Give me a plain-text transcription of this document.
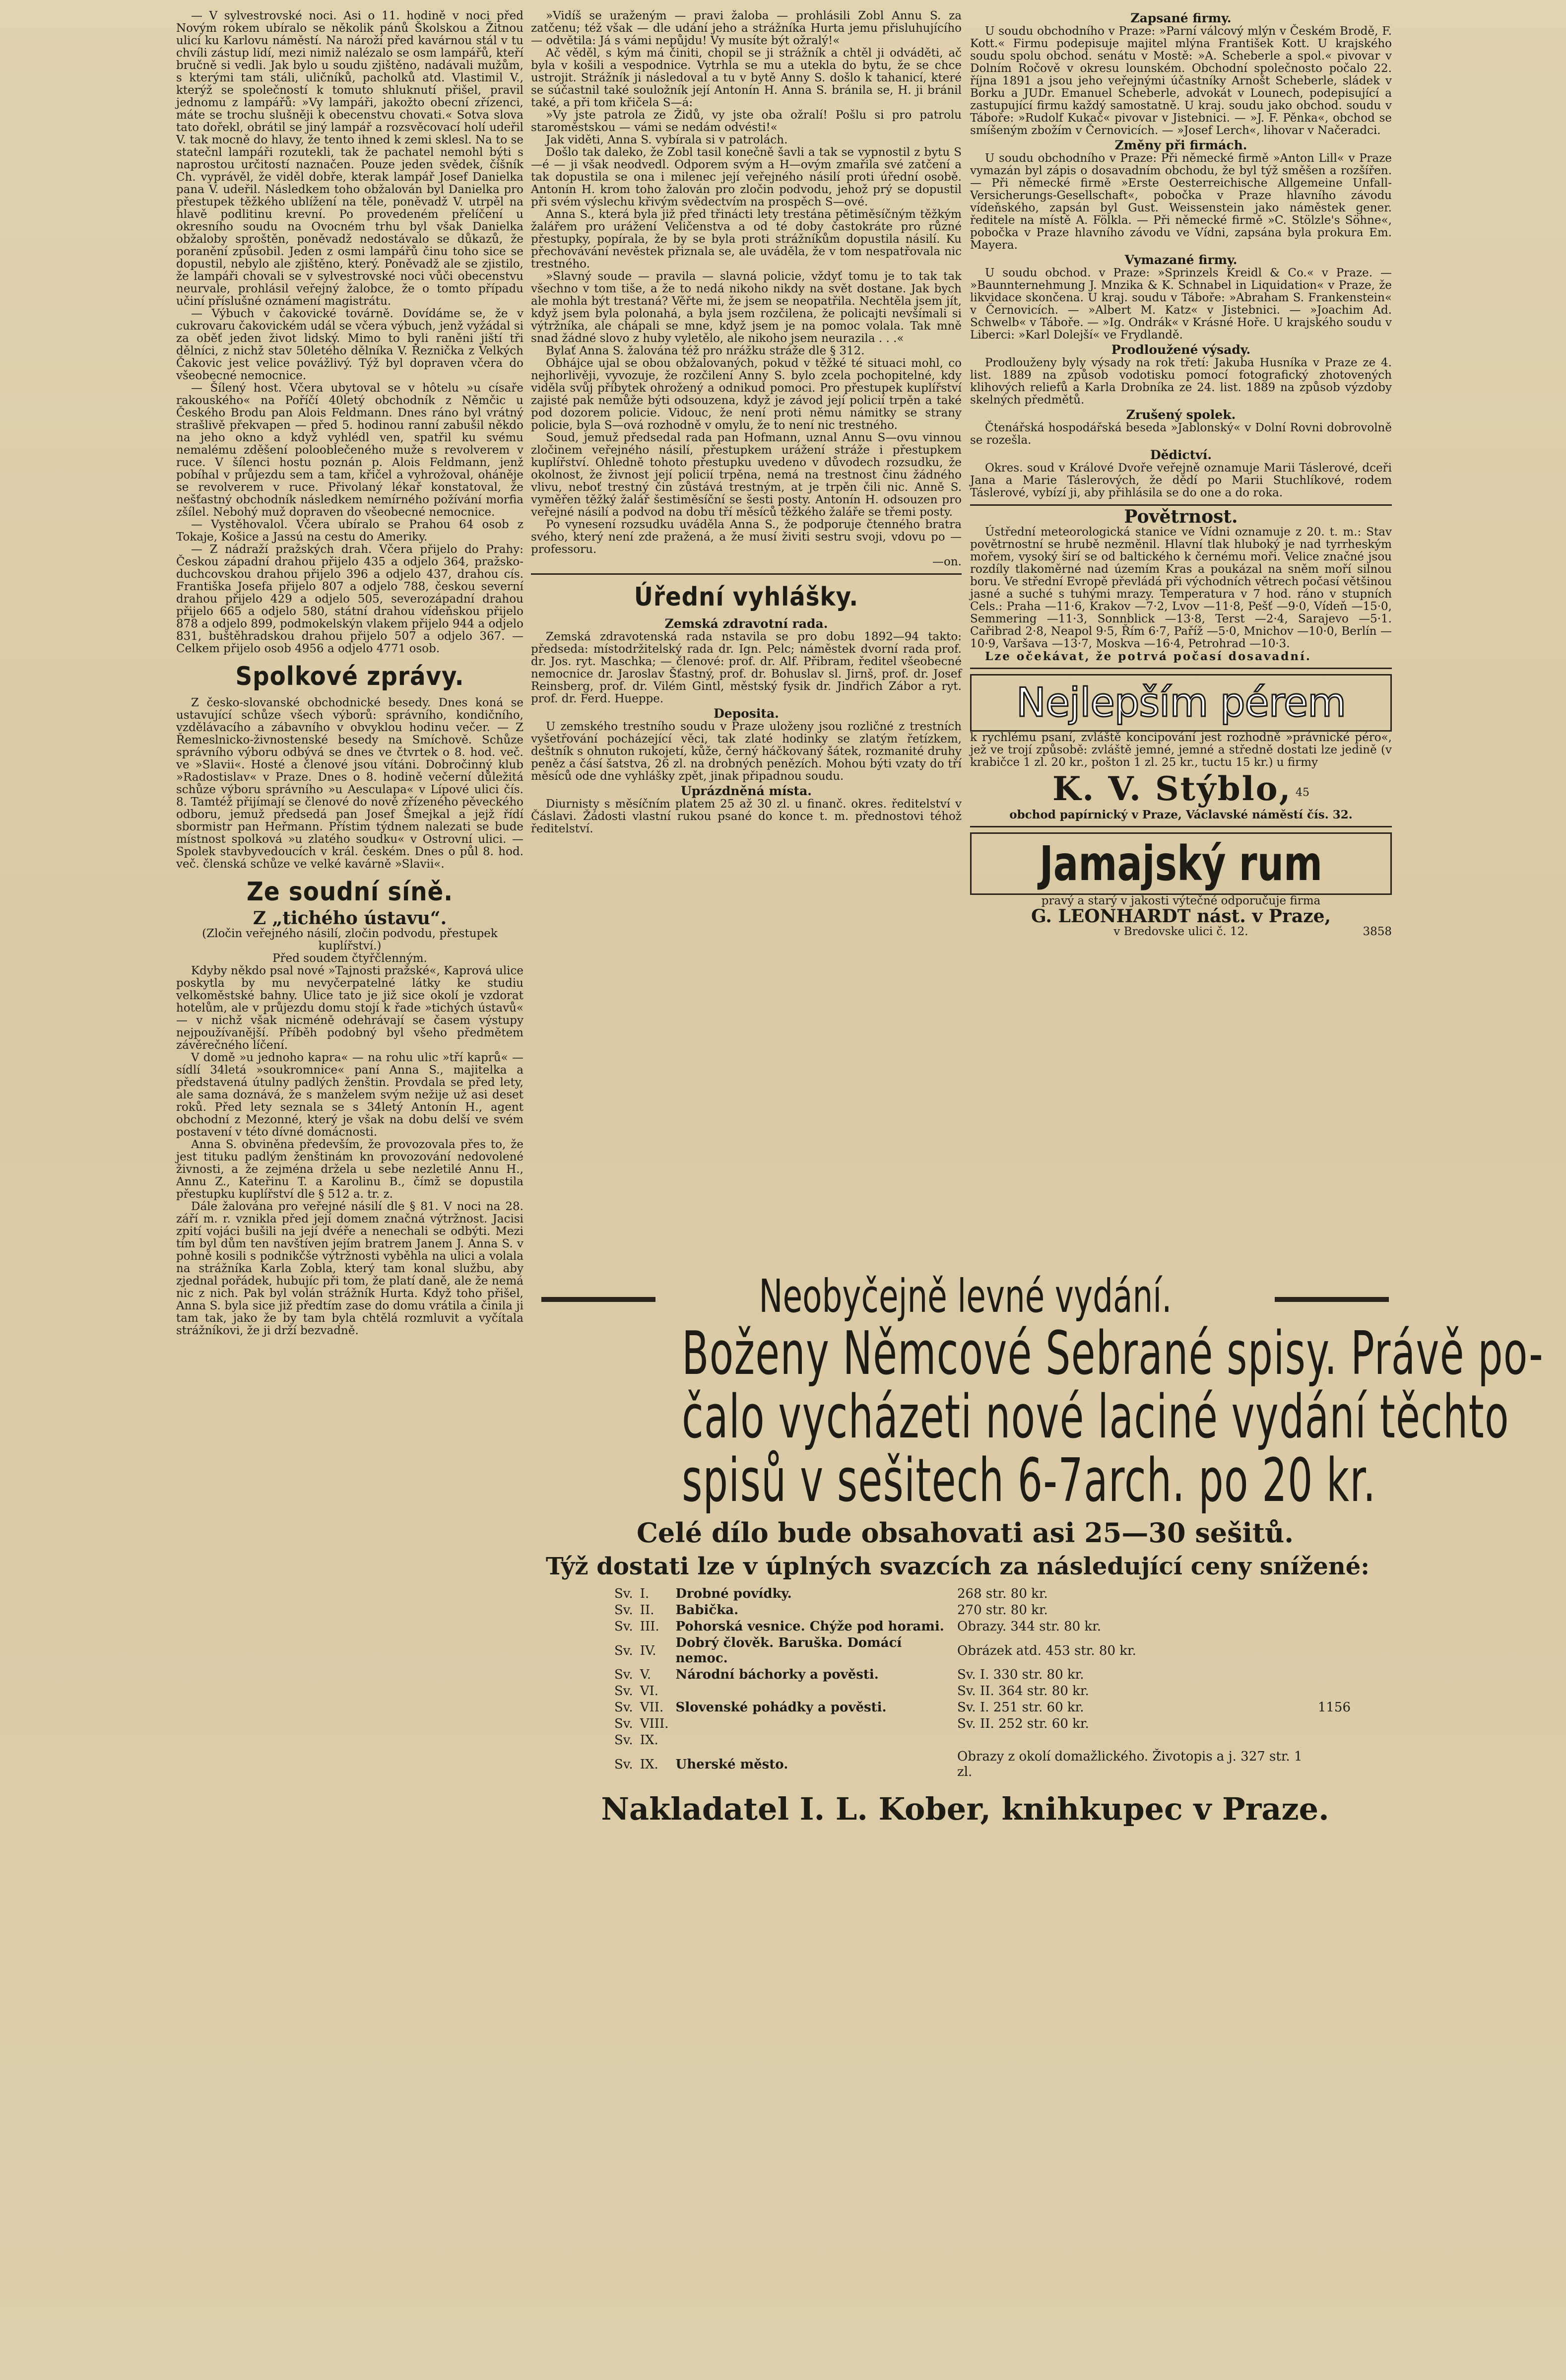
— V sylvestrovské noci. Asi o 11. hodině v noci před Novým rokem ubíralo se několik pánů Školskou a Žitnou ulicí ku Karlovu náměstí. Na nároží před kavárnou stál v tu chvíli zástup lidí, mezi nimiž nalézalo se osm lampářů, kteří bručně si vedli. Jak bylo u soudu zjištěno, nadávali mužům, s kterými tam stáli, uličníků, pacholků atd. Vlastimil V., kterýž se společností k tomuto shluknutí přišel, pravil jednomu z lampářů: »Vy lampáři, jakožto obecní zřízenci, máte se trochu slušněji k obecenstvu chovati.« Sotva slova tato dořekl, obrátil se jiný lampář a rozsvěcovací holí udeřil V. tak mocně do hlavy, že tento ihned k zemi sklesl. Na to se statečnl lampáři rozutekli, tak že pachatel nemohl býti s naprostou určitostí naznačen. Pouze jeden svědek, číšník Ch. vyprávěl, že viděl dobře, kterak lampář Josef Danielka pana V. udeřil. Následkem toho obžalován byl Danielka pro přestupek těžkého ublížení na těle, poněvadž V. utrpěl na hlavě podlitinu krevní. Po provedeném přelíčení u okresního soudu na Ovocném trhu byl však Danielka obžaloby sproštěn, poněvadž nedostávalo se důkazů, že poranění způsobil. Jeden z osmi lampářů činu toho sice se dopustil, nebylo ale zjištěno, který. Poněvadž ale se zjistilo, že lampáři chovali se v sylvestrovské noci vůči obecenstvu neurvale, prohlásil veřejný žalobce, že o tomto případu učiní příslušné oznámení magistrátu.

— Výbuch v čakovické továrně. Dovídáme se, že v cukrovaru čakovickém udál se včera výbuch, jenž vyžádal si za oběť jeden život lidský. Mimo to byli raněni jiští tři dělníci, z nichž stav 50letého dělníka V. Řeznička z Velkých Čakovic jest velice povážlivý. Týž byl dopraven včera do všeobecné nemocnice.

— Šílený host. Včera ubytoval se v hôtelu »u císaře rakouského« na Poříčí 40letý obchodník z Němčic u Českého Brodu pan Alois Feldmann. Dnes ráno byl vrátný strašlivě překvapen — před 5. hodinou ranní zabušil někdo na jeho okno a když vyhlédl ven, spatřil ku svému nemalému zděšení polooblečeného muže s revolverem v ruce. V šílenci hostu poznán p. Alois Feldmann, jenž pobíhal v průjezdu sem a tam, křičel a vyhrožoval, oháněje se revolverem v ruce. Přivolaný lékař konstatoval, že nešťastný obchodník následkem nemírného požívání morfia zšílel. Nebohý muž dopraven do všeobecné nemocnice.

— Vystěhovalol. Včera ubíralo se Prahou 64 osob z Tokaje, Košice a Jassú na cestu do Ameriky.

— Z nádraží pražských drah. Včera přijelo do Prahy: Českou západní drahou přijelo 435 a odjelo 364, pražsko-duchcovskou drahou přijelo 396 a odjelo 437, drahou cís. Františka Josefa přijelo 807 a odjelo 788, českou severní drahou přijelo 429 a odjelo 505, severozápadní drahou přijelo 665 a odjelo 580, státní drahou vídeňskou přijelo 878 a odjelo 899, podmokelskýn vlakem přijelo 944 a odjelo 831, buštěhradskou drahou přijelo 507 a odjelo 367. — Celkem přijelo osob 4956 a odjelo 4771 osob.

Spolkové zprávy.

Z česko-slovanské obchodnické besedy. Dnes koná se ustavující schůze všech výborů: správního, kondičního, vzdělávacího a zábavního v obvyklou hodinu večer. — Z Řemeslnicko-živnostenské besedy na Smíchově. Schůze správního výboru odbývá se dnes ve čtvrtek o 8. hod. več. ve »Slavii«. Hosté a členové jsou vítáni. Dobročinný klub »Radostislav« v Praze. Dnes o 8. hodině večerní důležitá schůze výboru správního »u Aesculapa« v Lípové ulici čís. 8. Tamtéž přijímají se členové do nově zřízeného pěveckého odboru, jemuž předsedá pan Josef Šmejkal a jejž řídí sbormistr pan Heřmann. Přístim týdnem nalezati se bude místnost spolková »u zlatého soudku« v Ostrovní ulici. — Spolek stavbyvedoucích v král. českém. Dnes o půl 8. hod. več. členská schůze ve velké kavárně »Slavii«.

Ze soudní síně.
Z „tichého ústavu“.
(Zločin veřejného násilí, zločin podvodu, přestupek kuplířství.)
Před soudem čtyřčlenným.

Kdyby někdo psal nové »Tajnosti pražské«, Kaprová ulice poskytla by mu nevyčerpatelné látky ke studiu velkoměstské bahny. Ulice tato je již sice okolí je vzdorat hotelům, ale v průjezdu domu stojí k řade »tichých ústavů« — v nichž však nicméně odehrávají se časem výstupy nejpoužívanější. Příběh podobný byl všeho předmětem závěrečného líčení.

V domě »u jednoho kapra« — na rohu ulic »tří kaprů« — sídlí 34letá »soukromnice« paní Anna S., majitelka a představená útulny padlých ženštin. Provdala se před lety, ale sama doznává, že s manželem svým nežije už asi deset roků. Před lety seznala se s 34letý Antonín H., agent obchodní z Mezonné, který je však na dobu delší ve svém postavení v této dívné domácnosti.

Anna S. obviněna především, že provozovala přes to, že jest tituku padlým ženštinám kn provozování nedovolené živnosti, a že zejména držela u sebe nezletilé Annu H., Annu Z., Kateřinu T. a Karolinu B., čímž se dopustila přestupku kuplířství dle § 512 a. tr. z.

Dále žalována pro veřejné násilí dle § 81. V noci na 28. září m. r. vznikla před její domem značná výtržnost. Jacisi zpití vojáci bušili na její dvéře a nenechali se odbýti. Mezi tím byl dům ten navštíven jejím bratrem Janem J. Anna S. v pohně kosili s podnikčše výtržnosti vyběhla na ulici a volala na strážníka Karla Zobla, který tam konal službu, aby zjednal pořádek, hubujíc při tom, že platí daně, ale že nemá nic z nich. Pak byl volán strážník Hurta. Když toho přišel, Anna S. byla sice již předtím zase do domu vrátila a činila ji tam tak, jako že by tam byla chtělá rozmluvit a vyčítala strážníkovi, že ji drží bezvadně.

»Vidíš se uraženým — pravi žaloba — prohlásili Zobl Annu S. za zatčenu; též však — dle udání jeho a strážníka Hurta jemu přisluhujícího — odvětila: Já s vámi nepůjdu! Vy musíte být ožralý!«

Ač věděl, s kým má činiti, chopil se ji strážník a chtěl ji odváděti, ač byla v košili a vespodnice. Vytrhla se mu a utekla do bytu, že se chce ustrojit. Strážník ji následoval a tu v bytě Anny S. došlo k tahanicí, které se súčastnil také souložník její Antonín H. Anna S. bránila se, H. ji bránil také, a při tom křičela S—á:

»Vy jste patrola ze Židů, vy jste oba ožralí! Pošlu si pro patrolu staroměstskou — vámi se nedám odvésti!«

Jak viděti, Anna S. vybírala si v patrolách.

Došlo tak daleko, že Zobl tasil konečně šavli a tak se vypnostil z bytu S—é — ji však neodvedl. Odporem svým a H—ovým zmařila své zatčení a tak dopustila se ona i milenec její veřejného násilí proti úřední osobě. Antonín H. krom toho žalován pro zločin podvodu, jehož prý se dopustil při svém výslechu křivým svědectvím na prospěch S—ové.

Anna S., která byla již před třinácti lety trestána pětiměsíčným těžkým žalářem pro urážení Veličenstva a od té doby častokráte pro různé přestupky, popírala, že by se byla proti strážníkům dopustila násilí. Ku přechovávání nevěstek přiznala se, ale uváděla, že v tom nespatřovala nic trestného.

»Slavný soude — pravila — slavná policie, vždyť tomu je to tak tak všechno v tom tiše, a že to nedá nikoho nikdy na svět dostane. Jak bych ale mohla být trestaná? Věřte mi, že jsem se neopatřila. Nechtěla jsem jít, když jsem byla polonahá, a byla jsem rozčilena, že policajti nevšímali si výtržníka, ale chápali se mne, když jsem je na pomoc volala. Tak mně snad žádné slovo z huby vyletělo, ale nikoho jsem neurazila . . .«

Bylať Anna S. žalována též pro nrážku stráže dle § 312.

Obhájce ujal se obou obžalovaných, pokud v těžké té situaci mohl, co nejhorlivěji, vyvozuje, že rozčilení Anny S. bylo zcela pochopitelné, kdy viděla svůj příbytek ohrožený a odnikud pomoci. Pro přestupek kuplířství zajisté pak nemůže býti odsouzena, když je závod její policií trpěn a také pod dozorem policie. Vidouc, že není proti němu námitky se strany policie, byla S—ová rozhodně v omylu, že to není nic trestného.

Soud, jemuž předsedal rada pan Hofmann, uznal Annu S—ovu vinnou zločinem veřejného násilí, přestupkem urážení stráže i přestupkem kuplířství. Ohledně tohoto přestupku uvedeno v důvodech rozsudku, že okolnost, že živnost její policií trpěna, nemá na trestnost činu žádného vlivu, neboť trestný čin zůstává trestným, at je trpěn čili nic. Anně S. vyměřen těžký žalář šestiměsíční se šesti posty. Antonín H. odsouzen pro veřejné násilí a podvod na dobu tří měsíců těžkého žaláře se třemi posty.

Po vynesení rozsudku uváděla Anna S., že podporuje čtenného bratra svého, který není zde pražená, a že musí živiti sestru svoji, vdovu po — professoru.

—on.
Úřední vyhlášky.
Zemská zdravotní rada.

Zemská zdravotenská rada nstavila se pro dobu 1892—94 takto: předseda: místodržitelský rada dr. Ign. Pelc; náměstek dvorní rada prof. dr. Jos. ryt. Maschka; — členové: prof. dr. Alf. Přibram, ředitel všeobecné nemocnice dr. Jaroslav Šťastný, prof. dr. Bohuslav sl. Jirnš, prof. dr. Josef Reinsberg, prof. dr. Vilém Gintl, městský fysik dr. Jindřich Zábor a ryt. prof. dr. Ferd. Hueppe.

Deposita.

U zemského trestního soudu v Praze uloženy jsou rozličné z trestních vyšetřování pocházející věci, tak zlaté hodinky se zlatým řetízkem, deštník s ohnuton rukojetí, kůže, černý háčkovaný šátek, rozmanité druhy peněz a čásí šatstva, 26 zl. na drobných penězích. Mohou býti vzaty do tří měsíců ode dne vyhlášky zpět, jinak připadnou soudu.

Uprázdněná místa.

Diurnisty s měsíčním platem 25 až 30 zl. u finanč. okres. ředitelství v Čáslavi. Žádosti vlastní rukou psané do konce t. m. přednostovi téhož ředitelství.

Zapsané firmy.

U soudu obchodního v Praze: »Parní válcový mlýn v Českém Brodě, F. Kott.« Firmu podepisuje majitel mlýna František Kott. U krajského soudu spolu obchod. senátu v Mostě: »A. Scheberle a spol.« pivovar v Dolním Ročově v okresu lounském. Obchodní společnosto počalo 22. října 1891 a jsou jeho veřejnými účastníky Arnošt Scheberle, sládek v Borku a JUDr. Emanuel Scheberle, advokát v Lounech, podepisující a zastupující firmu každý samostatně. U kraj. soudu jako obchod. soudu v Táboře: »Rudolf Kukač« pivovar v Jistebnici. — »J. F. Pěnka«, obchod se smíšeným zbožím v Černovicích. — »Josef Lerch«, lihovar v Načeradci.

Změny při firmách.

U soudu obchodního v Praze: Při německé firmě »Anton Lill« v Praze vymazán byl zápis o dosavadním obchodu, že byl týž směšen a rozšířen. — Při německé firmě »Erste Oesterreichische Allgemeine Unfall-Versicherungs-Gesellschaft«, pobočka v Praze hlavního závodu vídeňského, zapsán byl Gust. Weissenstein jako náměstek gener. ředitele na místě A. Fölkla. — Při německé firmě »C. Stölzle's Söhne«, pobočka v Praze hlavního závodu ve Vídni, zapsána byla prokura Em. Mayera.

Vymazané firmy.

U soudu obchod. v Praze: »Sprinzels Kreidl & Co.« v Praze. — »Baunnternehmung J. Mnzika & K. Schnabel in Liquidation« v Praze, že likvidace skončena. U kraj. soudu v Táboře: »Abraham S. Frankenstein« v Černovicích. — »Albert M. Katz« v Jistebnici. — »Joachim Ad. Schwelb« v Táboře. — »Ig. Ondrák« v Krásné Hoře. U krajského soudu v Liberci: »Karl Dolejší« ve Frydlandě.

Prodloužené výsady.

Prodlouženy byly výsady na rok třetí: Jakuba Husníka v Praze ze 4. list. 1889 na způsob vodotisku pomocí fotografický zhotovených klihových reliefů a Karla Drobníka ze 24. list. 1889 na způsob výzdoby skelných předmětů.

Zrušený spolek.

Čtenářská hospodářská beseda »Jablonský« v Dolní Rovni dobrovolně se rozešla.

Dědictví.

Okres. soud v Králové Dvoře veřejně oznamuje Marii Táslerové, dceři Jana a Marie Táslerových, že dědí po Marii Stuchlíkové, rodem Táslerové, vybízí ji, aby přihlásila se do one a do roka.

Povětrnost.

Ústřední meteorologická stanice ve Vídni oznamuje z 20. t. m.: Stav povětrnostní se hrubě nezměnil. Hlavní tlak hluboký je nad tyrrheským mořem, vysoký širí se od baltického k černému moři. Velice značné jsou rozdíly tlakoměrné nad územím Kras a poukázal na sněm moří silnou boru. Ve střední Evropě převládá při východních větrech počasí většinou jasné a suché s tuhými mrazy. Temperatura v 7 hod. ráno v stupních Cels.: Praha —11·6, Krakov —7·2, Lvov —11·8, Pešť —9·0, Vídeň —15·0, Semmering —11·3, Sonnblick —13·8, Terst —2·4, Sarajevo —5·1. Cařibrad 2·8, Neapol 9·5, Řím 6·7, Paříž —5·0, Mnichov —10·0, Berlín —10·9, Varšava —13·7, Moskva —16·4, Petrohrad —10·3.

Lze očekávat, že potrvá počasí dosavadní.

Nejlepším pérem

k rychlému psaní, zvláště koncipování jest rozhodně »právnické péro«, jež ve trojí způsobě: zvláště jemné, jemné a středně dostati lze jedině (v krabičce 1 zl. 20 kr., pošton 1 zl. 25 kr., tuctu 15 kr.) u firmy

K. V. Stýblo, $^{45}$
obchod papírnický v Praze, Václavské náměstí čís. 32.
Jamajský rum
pravý a starý v jakosti výtečné odporučuje firma
G. LEONHARDT nást. v Praze,
v Bredovske ulici č. 12.	3858
Neobyčejně levné vydání.
Boženy Němcové Sebrané spisy. Právě po-
čalo vycházeti nové laciné vydání těchto
spisů v sešitech 6-7arch. po 20 kr.
Celé dílo bude obsahovati asi 25—30 sešitů.
Týž dostati lze v úplných svazcích za následující ceny snížené:
Sv.	I.	Drobné povídky.	268 str. 80 kr.	
Sv.	II.	Babička.	270 str. 80 kr.	
Sv.	III.	Pohorská vesnice. Chýže pod horami.	Obrazy. 344 str. 80 kr.	
Sv.	IV.	Dobrý člověk. Baruška. Domácí nemoc.	Obrázek atd. 453 str. 80 kr.	
Sv.	V.	Národní báchorky a pověsti.	Sv. I. 330 str. 80 kr.	
Sv.	VI.		Sv. II. 364 str. 80 kr.	
Sv.	VII.	Slovenské pohádky a pověsti.	Sv. I. 251 str. 60 kr.	1156
Sv.	VIII.		Sv. II. 252 str. 60 kr.	
Sv.	IX.			
Sv.	IX.	Uherské město.	Obrazy z okolí domažlického. Životopis a j. 327 str. 1 zl.	
Nakladatel I. L. Kober, knihkupec v Praze.
